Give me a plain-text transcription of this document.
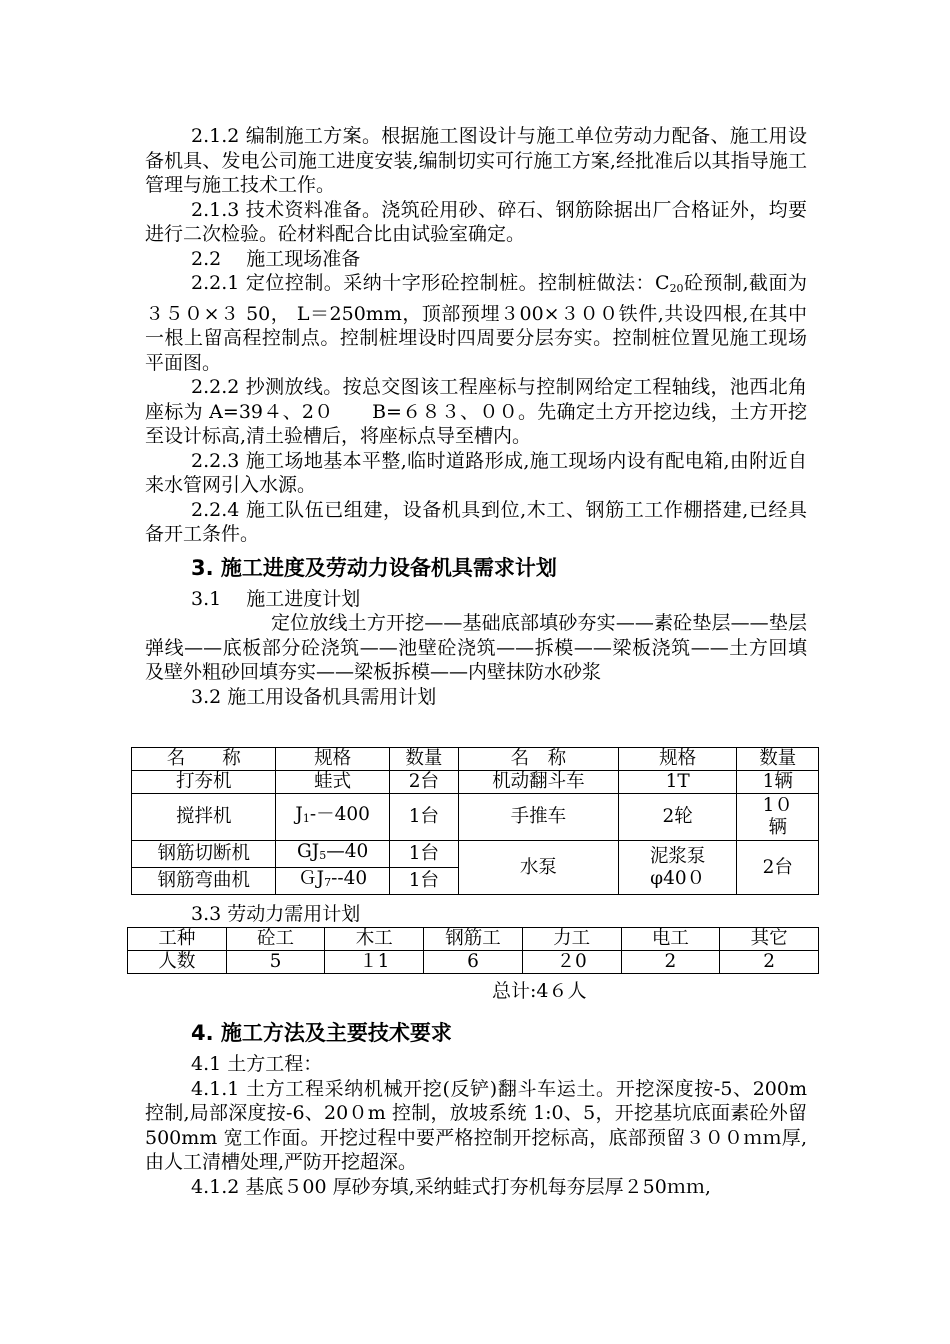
2.1.2 编制施工方案。根据施工图设计与施工单位劳动力配备、施工用设备机具、发电公司施工进度安装,编制切实可行施工方案,经批准后以其指导施工管理与施工技术工作。

2.1.3 技术资料准备。浇筑砼用砂、碎石、钢筋除据出厂合格证外，均要进行二次检验。砼材料配合比由试验室确定。

2.2　 施工现场准备

2.2.1 定位控制。采纳十字形砼控制桩。控制桩做法：$C_{20}$砼预制,截面为３５０×３ 50， L＝250mm，顶部预埋３00×３００铁件,共设四根,在其中一根上留高程控制点。控制桩埋设时四周要分层夯实。控制桩位置见施工现场平面图。

2.2.2 抄测放线。按总交图该工程座标与控制网给定工程轴线，池西北角座标为 A=39４、2０　　B=６８３、００。先确定土方开挖边线，土方开挖至设计标高,清土验槽后，将座标点导至槽内。

2.2.3 施工场地基本平整,临时道路形成,施工现场内设有配电箱,由附近自来水管网引入水源。

2.2.4 施工队伍已组建，设备机具到位,木工、钢筋工工作棚搭建,已经具备开工条件。

3. 施工进度及劳动力设备机具需求计划

3.1　 施工进度计划

定位放线土方开挖——基础底部填砂夯实——素砼垫层——垫层弹线——底板部分砼浇筑——池壁砼浇筑——拆模——梁板浇筑——土方回填及壁外粗砂回填夯实——梁板拆模——内壁抹防水砂浆

3.2 施工用设备机具需用计划

名　　称	规格	数量	名　称	规格	数量
打夯机	蛙式	2台	机动翻斗车	1T	1辆
搅拌机	J1-－400	1台	手推车	2轮	1０辆
钢筋切断机	GJ5—40	1台	水泵	泥浆泵φ40０	2台
钢筋弯曲机	ＧJ7--40	1台			
3.3 劳动力需用计划
工种	砼工	木工	钢筋工	力工	电工	其它
人数	5	１1	6	２0	2	2
总计:4６人

4. 施工方法及主要技术要求

4.1 土方工程：

4.1.1 土方工程采纳机械开挖(反铲)翻斗车运土。开挖深度按-5、200m 控制,局部深度按-6、20０m 控制，放坡系统 1:0、5，开挖基坑底面素砼外留 500mm 宽工作面。开挖过程中要严格控制开挖标高，底部预留３００ｍｍ厚,由人工清槽处理,严防开挖超深。

4.1.2 基底５00 厚砂夯填,采纳蛙式打夯机每夯层厚２50ｍｍ,
